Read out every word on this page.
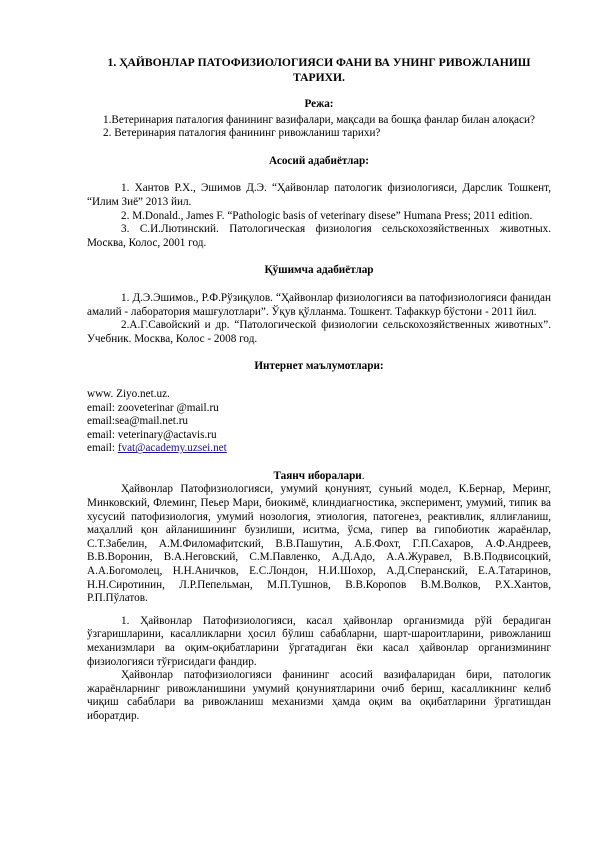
1. ҲАЙВОНЛАР ПАТОФИЗИОЛОГИЯСИ ФАНИ ВА УНИНГ РИВОЖЛАНИШ ТАРИХИ.
Режа:

1.Ветеринария паталогия фанининг вазифалари, мақсади ва бошқа фанлар билан алоқаси?

2. Ветеринария паталогия фанининг ривожланиш тарихи?

Асосий адабиётлар:

1. Хантов Р.Х., Эшимов Д.Э. “Ҳайвонлар патологик физиологияси, Дарслик Тошкент, “Илим Зиё” 2013 йил.

2. M.Donald., James F. “Pathologic basis of veterinary disese” Humana Press; 2011 edition.

3. С.И.Лютинский. Патологическая физиология сельскохозяйственных животных. Москва, Колос, 2001 год.

Қўшимча адабиётлар

1. Д.Э.Эшимов., Р.Ф.Рўзиқулов. “Ҳайвонлар физиологияси ва патофизиологияси фанидан амалий - лаборатория машғулотлари”. Ўқув қўлланма. Тошкент. Тафаккур бўстони - 2011 йил.

2.А.Г.Савойский и др. “Патологической физиологии сельскохозяйственных животных”. Учебник. Москва, Колос - 2008 год.

Интернет маълумотлари:

www. Ziyo.net.uz.

email: zooveterinar @mail.ru

email:sea@mail.net.ru

email: veterinary@actavis.ru

email: fvat@academy.uzsei.net

Таянч иборалари.

Ҳайвонлар Патофизиологияси, умумий қонуният, суньий модел, К.Бернар, Меринг, Минковский, Флеминг, Пеьер Мари, биокимё, клиндиагностика, эксперимент, умумий, типик ва хусусий патофизиология, умумий нозология, этиология, патогенез, реактивлик, яллиғланиш, маҳаллий қон айланишининг бузилиши, иситма, ўсма, гипер ва гипобиотик жараёнлар, С.Т.Забелин, А.М.Филомафитский, В.В.Пашутин, А.Б.Фохт, Г.П.Сахаров, А.Ф.Андреев, В.В.Воронин, В.А.Неговский, С.М.Павленко, А.Д.Адо, А.А.Журавел, В.В.Подвисоцкий, А.А.Богомолец, Н.Н.Аничков, Е.С.Лондон, Н.И.Шохор, А.Д.Сперанский, Е.А.Татаринов, Н.Н.Сиротинин, Л.Р.Пепельман, М.П.Тушнов, В.В.Коропов В.М.Волков, Р.Х.Хантов, Р.П.Пўлатов.

1. Ҳайвонлар Патофизиологияси, касал ҳайвонлар организмида рўй берадиган ўзгаришларини, касалликларни ҳосил бўлиш сабабларни, шарт-шароитларини, ривожланиш механизмлари ва оқим-оқибатларини ўргатадиган ёки касал ҳайвонлар организмининг физиологияси тўғрисидаги фандир.

Ҳайвонлар патофизиологияси фанининг асосий вазифаларидан бири, патологик жараёнларнинг ривожланишини умумий қонуниятларини очиб бериш, касалликнинг келиб чиқиш сабаблари ва ривожланиш механизми ҳамда оқим ва оқибатларини ўргатишдан иборатдир.
